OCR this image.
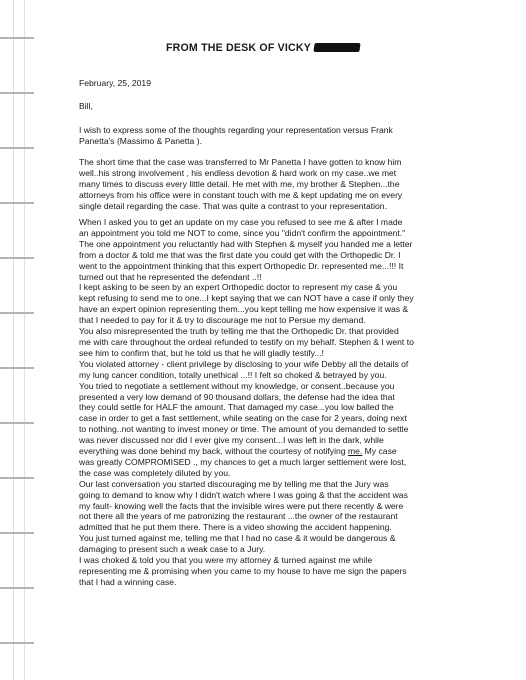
FROM THE DESK OF VICKY
February, 25, 2019
Bill,
I wish to express some of the thoughts regarding your representation versus Frank
Panetta's (Massimo & Panetta ).
The short time that the case was transferred to Mr Panetta I have gotten to know him
well..his strong involvement , his endless devotion & hard work on my case..we met
many times to discuss every little detail. He met with me, my brother & Stephen...the
attorneys from his office were in constant touch with me & kept updating me on every
single detail regarding the case. That was quite a contrast to your representation.
When I asked you to get an update on my case you refused to see me & after I made
an appointment you told me NOT to come, since you "didn't confirm the appointment."
The one appointment you reluctantly had with Stephen & myself you handed me a letter
from a doctor & told me that was the first date you could get with the Orthopedic Dr. I
went to the appointment thinking that this expert Orthopedic Dr. represented me...!!! It
turned out that he represented the defendant ..!!
I kept asking to be seen by an expert Orthopedic doctor to represent my case & you
kept refusing to send me to one...I kept saying that we can NOT have a case if only they
have an expert opinion representing them...you kept telling me how expensive it was &
that I needed to pay for it & try to discourage me not to Persue my demand.
You also misrepresented the truth by telling me that the Orthopedic Dr. that provided
me with care throughout the ordeal refunded to testify on my behalf. Stephen & I went to
see him to confirm that, but he told us that he will gladly testify...!
You violated attorney - client privilege by disclosing to your wife Debby all the details of
my lung cancer condition, totally unethical ...!! I felt so choked & betrayed by you.
You tried to negotiate a settlement without my knowledge, or consent..because you
presented a very low demand of 90 thousand dollars, the defense had the idea that
they could settle for HALF the amount. That damaged my case...you low balled the
case in order to get a fast settlement, while seating on the case for 2 years, doing next
to nothing..not wanting to invest money or time. The amount of you demanded to settle
was never discussed nor did I ever give my consent...I was left in the dark, while
everything was done behind my back, without the courtesy of notifying me. My case
was greatly COMPROMISED ., my chances to get a much larger settlement were lost,
the case was completely diluted by you.
Our last conversation you started discouraging me by telling me that the Jury was
going to demand to know why I didn't watch where I was going & that the accident was
my fault- knowing well the facts that the invisible wires were put there recently & were
not there all the years of me patronizing the restaurant ...the owner of the restaurant
admitted that he put them there. There is a video showing the accident happening.
You just turned against me, telling me that I had no case & it would be dangerous &
damaging to present such a weak case to a Jury.
I was choked & told you that you were my attorney & turned against me while
representing me & promising when you came to my house to have me sign the papers
that I had a winning case.
